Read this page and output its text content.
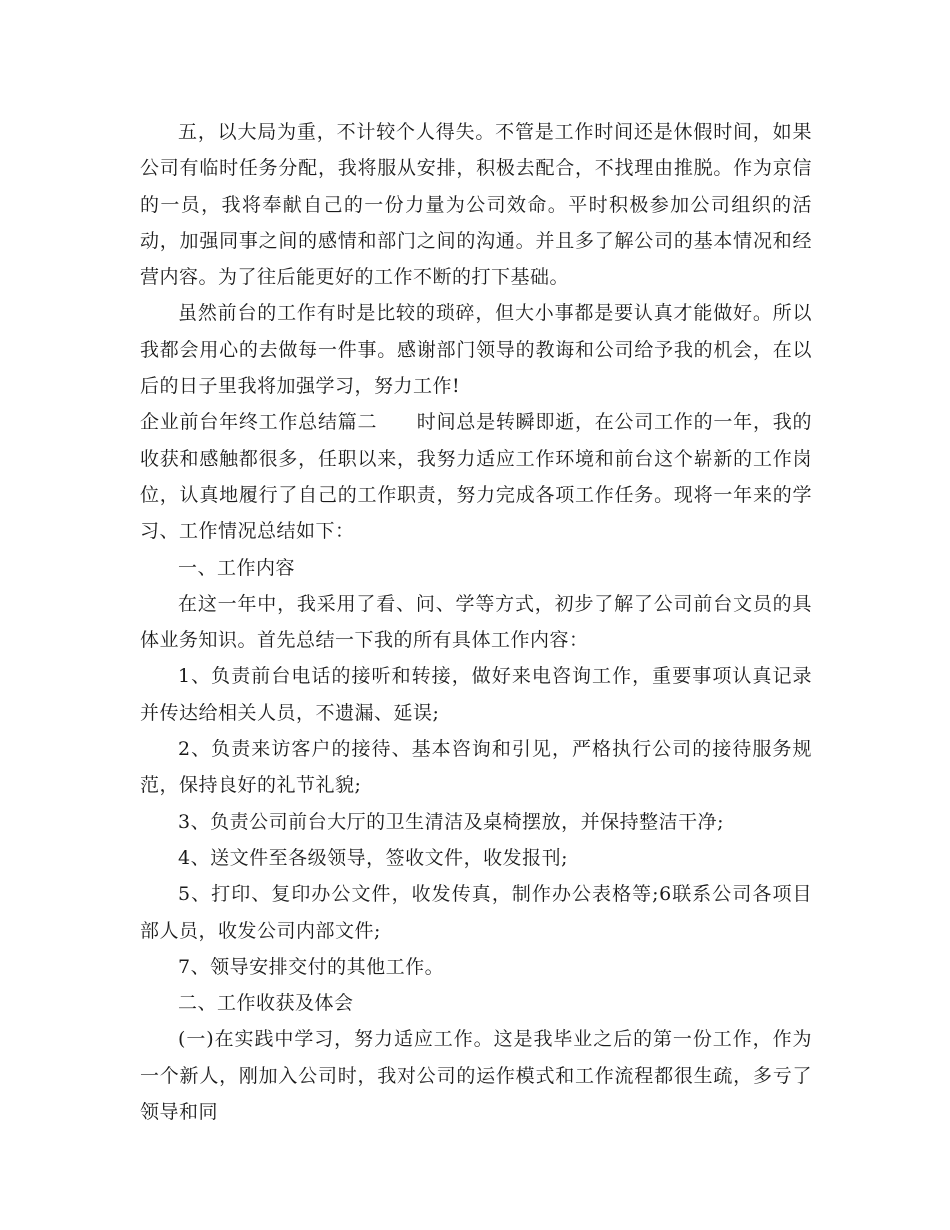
五，以大局为重，不计较个人得失。不管是工作时间还是休假时间，如果公司有临时任务分配，我将服从安排，积极去配合，不找理由推脱。作为京信的一员，我将奉献自己的一份力量为公司效命。平时积极参加公司组织的活动，加强同事之间的感情和部门之间的沟通。并且多了解公司的基本情况和经营内容。为了往后能更好的工作不断的打下基础。

虽然前台的工作有时是比较的琐碎，但大小事都是要认真才能做好。所以我都会用心的去做每一件事。感谢部门领导的教诲和公司给予我的机会，在以后的日子里我将加强学习，努力工作!

企业前台年终工作总结篇二　　时间总是转瞬即逝，在公司工作的一年，我的收获和感触都很多，任职以来，我努力适应工作环境和前台这个崭新的工作岗位，认真地履行了自己的工作职责，努力完成各项工作任务。现将一年来的学习、工作情况总结如下：

一、工作内容

在这一年中，我采用了看、问、学等方式，初步了解了公司前台文员的具体业务知识。首先总结一下我的所有具体工作内容：

1、负责前台电话的接听和转接，做好来电咨询工作，重要事项认真记录并传达给相关人员，不遗漏、延误;

2、负责来访客户的接待、基本咨询和引见，严格执行公司的接待服务规范，保持良好的礼节礼貌;

3、负责公司前台大厅的卫生清洁及桌椅摆放，并保持整洁干净;

4、送文件至各级领导，签收文件，收发报刊;

5、打印、复印办公文件，收发传真，制作办公表格等;6联系公司各项目部人员，收发公司内部文件;

7、领导安排交付的其他工作。

二、工作收获及体会

(一)在实践中学习，努力适应工作。这是我毕业之后的第一份工作，作为一个新人，刚加入公司时，我对公司的运作模式和工作流程都很生疏，多亏了领导和同
